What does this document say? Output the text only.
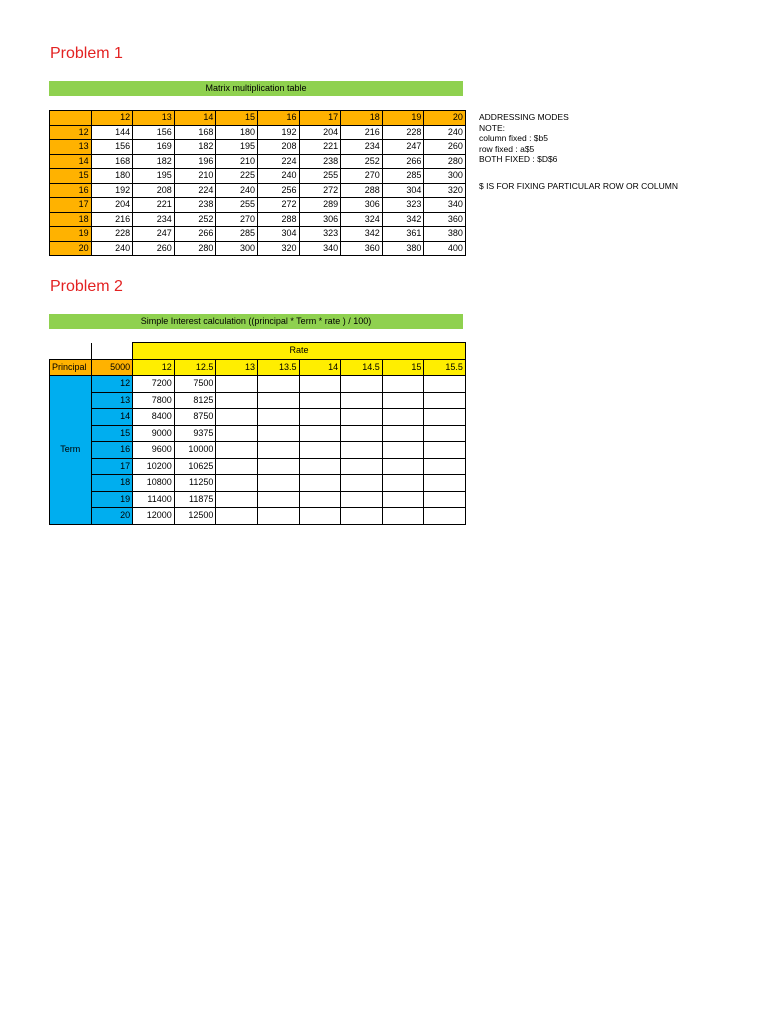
Problem 1
Matrix multiplication table
	12	13	14	15	16	17	18	19	20
12	144	156	168	180	192	204	216	228	240
13	156	169	182	195	208	221	234	247	260
14	168	182	196	210	224	238	252	266	280
15	180	195	210	225	240	255	270	285	300
16	192	208	224	240	256	272	288	304	320
17	204	221	238	255	272	289	306	323	340
18	216	234	252	270	288	306	324	342	360
19	228	247	266	285	304	323	342	361	380
20	240	260	280	300	320	340	360	380	400
ADDRESSING MODES
NOTE:
column fixed : $b5
row fixed : a$5
BOTH FIXED : $D$6
$ IS FOR FIXING PARTICULAR ROW OR COLUMN
Problem 2
Simple Interest calculation ((principal * Term * rate ) / 100)
		Rate							
Principal	5000	12	12.5	13	13.5	14	14.5	15	15.5
Term	12	7200	7500						
	13	7800	8125						
	14	8400	8750						
	15	9000	9375						
	16	9600	10000						
	17	10200	10625						
	18	10800	11250						
	19	11400	11875						
	20	12000	12500						
